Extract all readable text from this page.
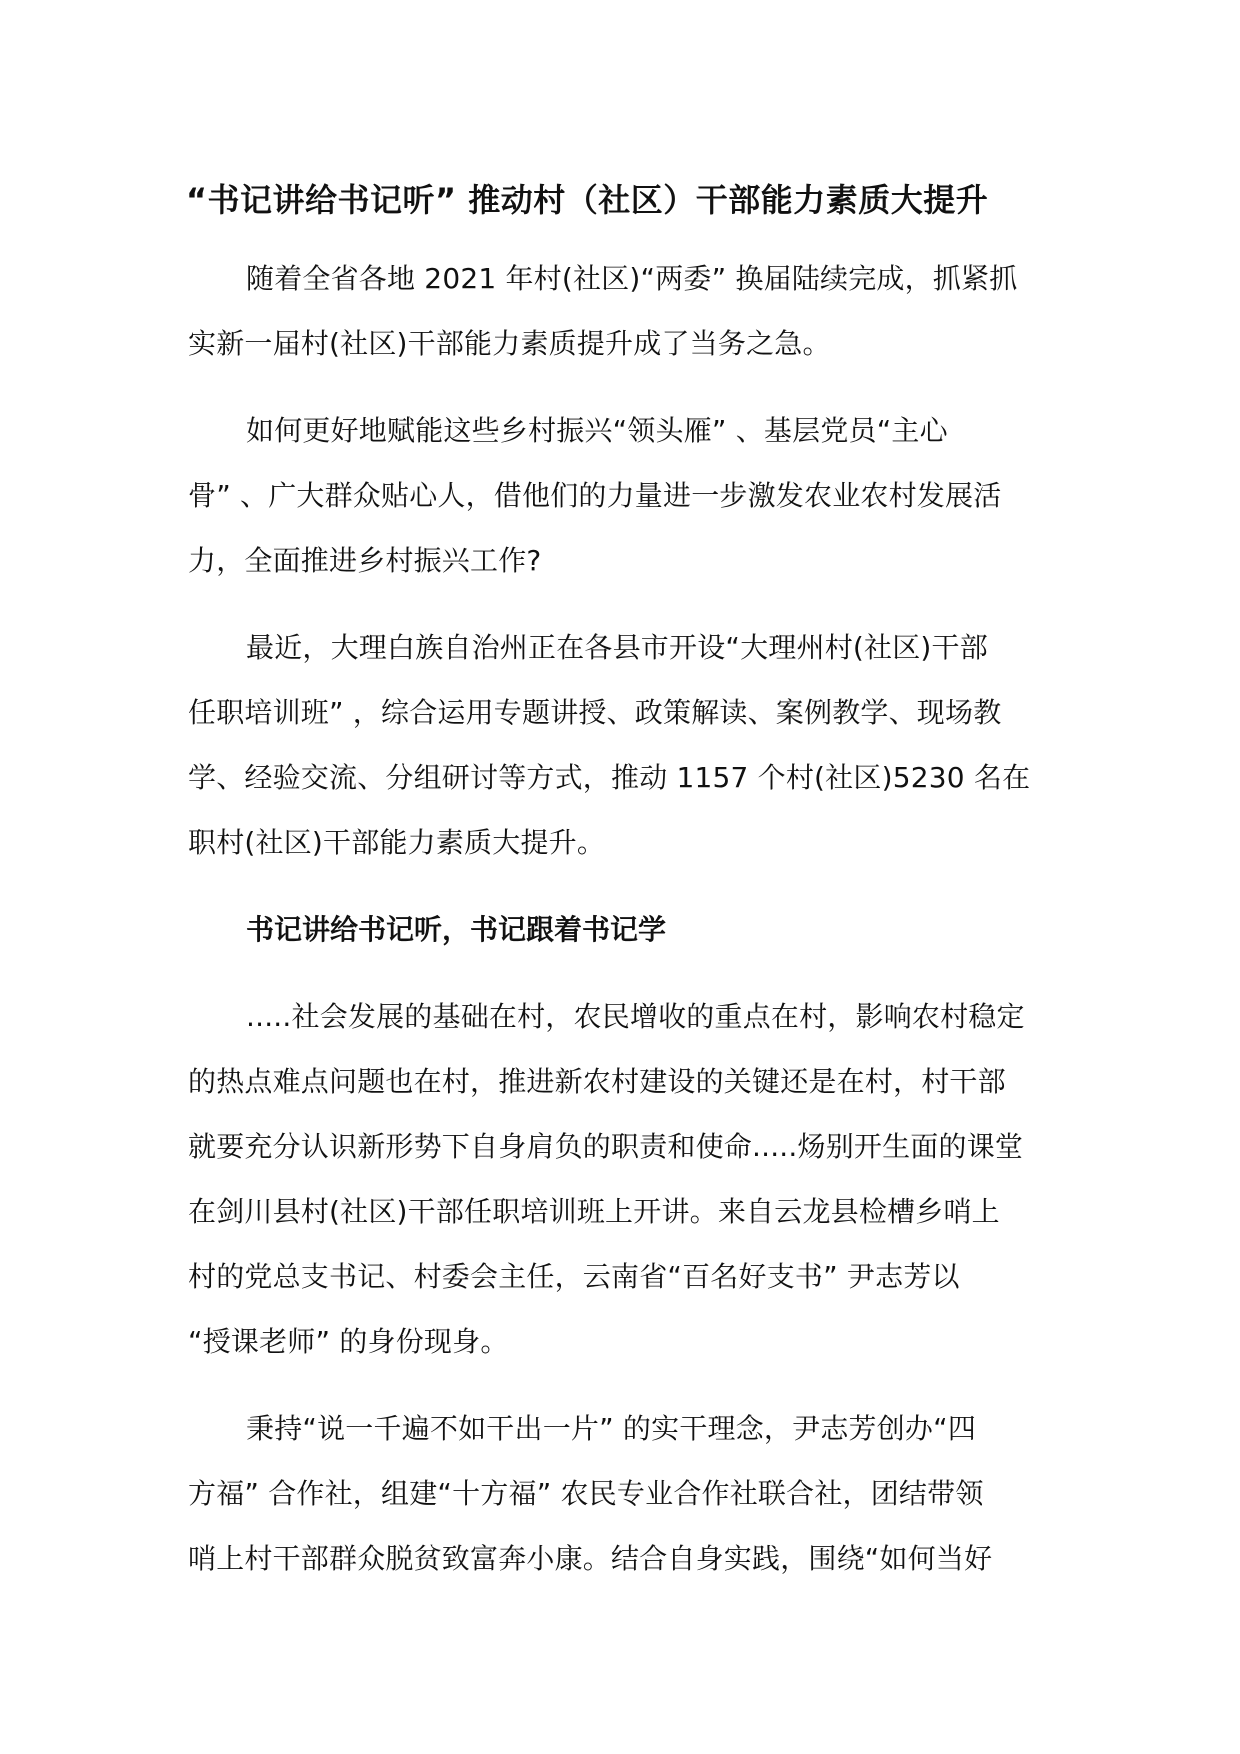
“书记讲给书记听” 推动村（社区）干部能力素质大提升

随着全省各地 2021 年村(社区)“两委” 换届陆续完成，抓紧抓
实新一届村(社区)干部能力素质提升成了当务之急。

如何更好地赋能这些乡村振兴“领头雁” 、基层党员“主心
骨” 、广大群众贴心人，借他们的力量进一步激发农业农村发展活
力，全面推进乡村振兴工作?

最近，大理白族自治州正在各县市开设“大理州村(社区)干部
任职培训班” ，综合运用专题讲授、政策解读、案例教学、现场教
学、经验交流、分组研讨等方式，推动 1157 个村(社区)5230 名在
职村(社区)干部能力素质大提升。

书记讲给书记听，书记跟着书记学

.....社会发展的基础在村，农民增收的重点在村，影响农村稳定
的热点难点问题也在村，推进新农村建设的关键还是在村，村干部
就要充分认识新形势下自身肩负的职责和使命.....炀别开生面的课堂
在剑川县村(社区)干部任职培训班上开讲。来自云龙县检槽乡哨上
村的党总支书记、村委会主任，云南省“百名好支书” 尹志芳以
“授课老师” 的身份现身。

秉持“说一千遍不如干出一片” 的实干理念，尹志芳创办“四
方福” 合作社，组建“十方福” 农民专业合作社联合社，团结带领
哨上村干部群众脱贫致富奔小康。结合自身实践，围绕“如何当好
